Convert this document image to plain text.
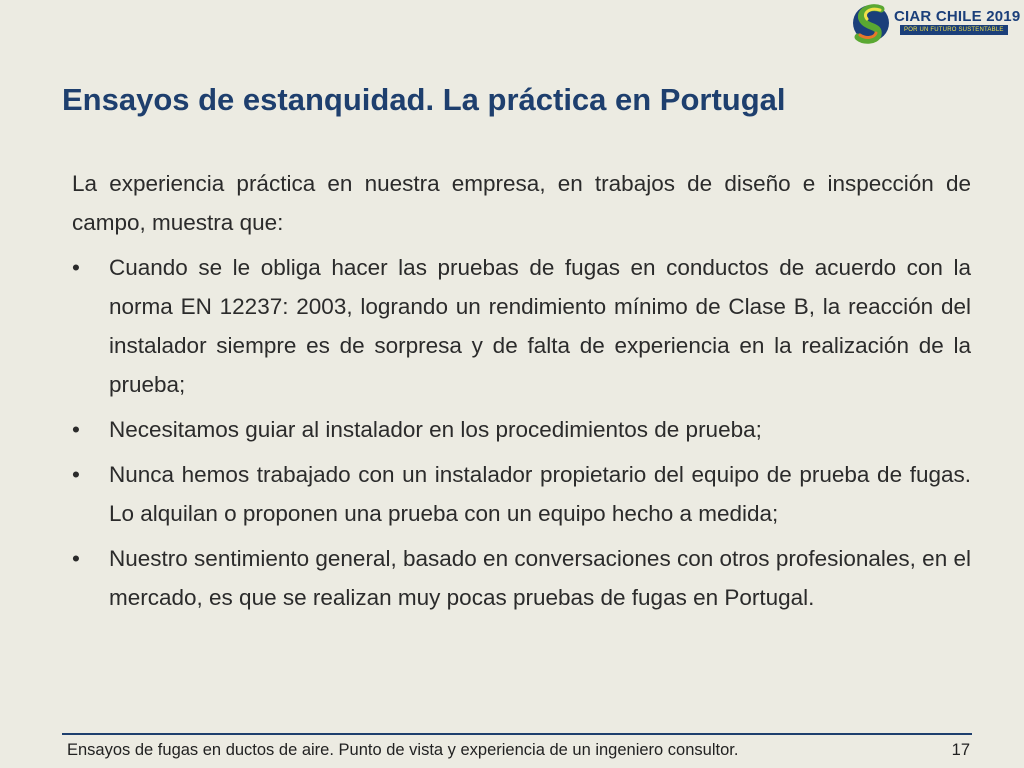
CIAR CHILE 2019
POR UN FUTURO SUSTENTABLE
Ensayos de estanquidad. La práctica en Portugal

La experiencia práctica en nuestra empresa, en trabajos de diseño e inspección de campo, muestra que:

• Cuando se le obliga hacer las pruebas de fugas en conductos de acuerdo con la norma EN 12237: 2003, logrando un rendimiento mínimo de Clase B, la reacción del instalador siempre es de sorpresa y de falta de experiencia en la realización de la prueba;
• Necesitamos guiar al instalador en los procedimientos de prueba;
• Nunca hemos trabajado con un instalador propietario del equipo de prueba de fugas. Lo alquilan o proponen una prueba con un equipo hecho a medida;
• Nuestro sentimiento general, basado en conversaciones con otros profesionales, en el mercado, es que se realizan muy pocas pruebas de fugas en Portugal.
Ensayos de fugas en ductos de aire. Punto de vista y experiencia de un ingeniero consultor.	17
